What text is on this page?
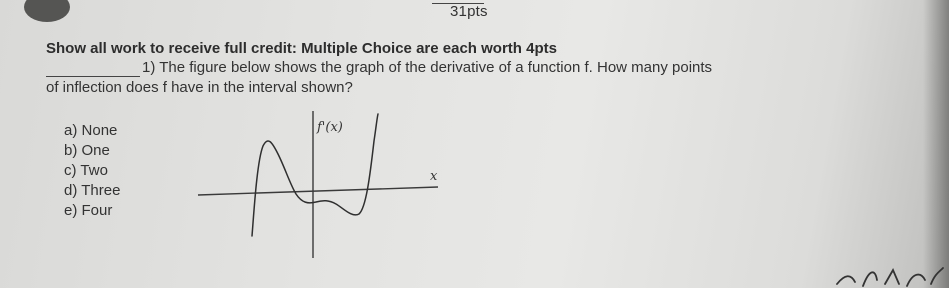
31pts
Show all work to receive full credit: Multiple Choice are each worth 4pts
1) The figure below shows the graph of the derivative of a function f. How many points
of inflection does f have in the interval shown?
a) None
b) One
c) Two
d) Three
e) Four
f'(x)
x
